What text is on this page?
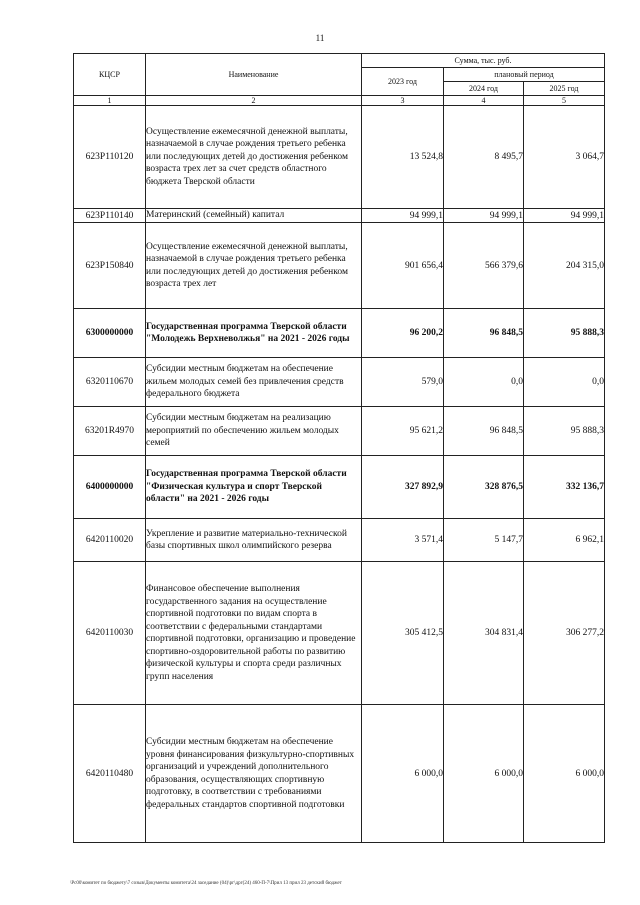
11
КЦСР	Наименование	Сумма, тыс. руб.		
		2023 год	плановый период	
			2024 год	2025 год
1	2	3	4	5
623P110120	Осуществление ежемесячной денежной выплаты, назначаемой в случае рождения третьего ребенка или последующих детей до достижения ребенком возраста трех лет за счет средств областного бюджета Тверской области	13 524,8	8 495,7	3 064,7
623P110140	Материнский (семейный) капитал	94 999,1	94 999,1	94 999,1
623P150840	Осуществление ежемесячной денежной выплаты, назначаемой в случае рождения третьего ребенка или последующих детей до достижения ребенком возраста трех лет	901 656,4	566 379,6	204 315,0
6300000000	Государственная программа Тверской области "Молодежь Верхневолжья" на 2021 - 2026 годы	96 200,2	96 848,5	95 888,3
6320110670	Субсидии местным бюджетам на обеспечение жильем молодых семей без привлечения средств федерального бюджета	579,0	0,0	0,0
63201R4970	Субсидии местным бюджетам на реализацию мероприятий по обеспечению жильем молодых семей	95 621,2	96 848,5	95 888,3
6400000000	Государственная программа Тверской области "Физическая культура и спорт Тверской области" на 2021 - 2026 годы	327 892,9	328 876,5	332 136,7
6420110020	Укрепление и развитие материально-технической базы спортивных школ олимпийского резерва	3 571,4	5 147,7	6 962,1
6420110030	Финансовое обеспечение выполнения государственного задания на осуществление спортивной подготовки по видам спорта в соответствии с федеральными стандартами спортивной подготовки, организацию и проведение спортивно-оздоровительной работы по развитию физической культуры и спорта среди различных групп населения	305 412,5	304 831,4	306 277,2
6420110480	Субсидии местным бюджетам на обеспечение уровня финансирования физкультурно-спортивных организаций и учреждений дополнительного образования, осуществляющих спортивную подготовку, в соответствии с требованиями федеральных стандартов спортивной подготовки	6 000,0	6 000,0	6 000,0
\Pc00\комитет по бюджету\7 созыв\Документы комитета\24 заседание (04)\рг\дрг(24) 460-П-7\Прил 13 прил 23 детский бюджет
